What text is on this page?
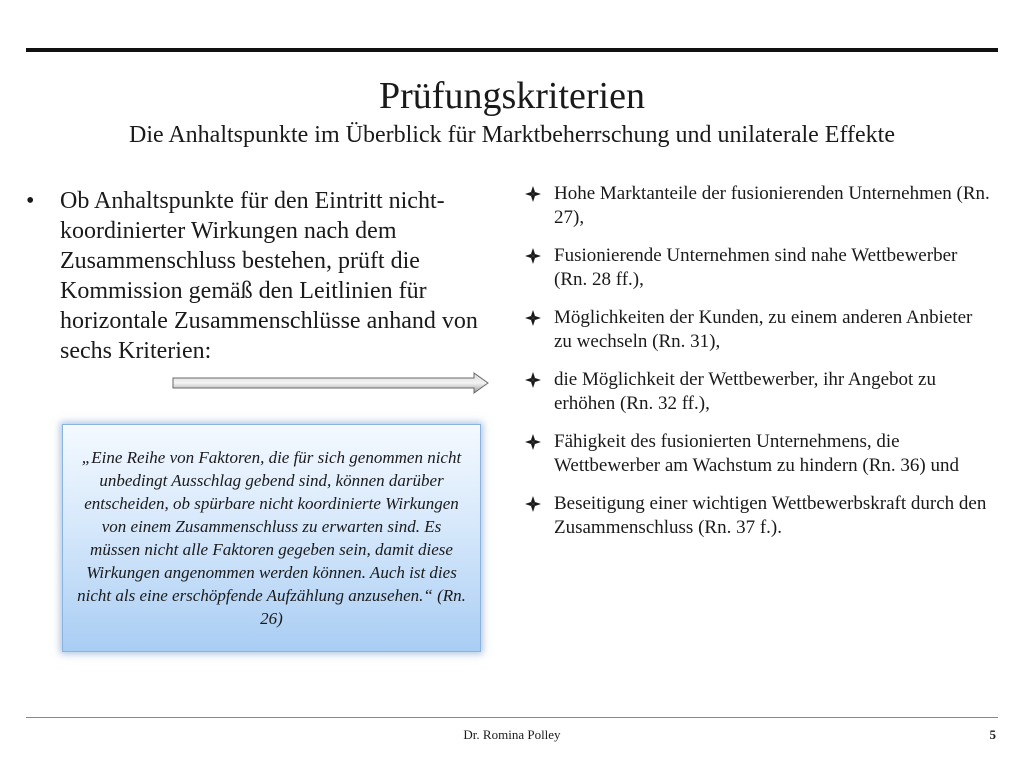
Prüfungskriterien
Die Anhaltspunkte im Überblick für Marktbeherrschung und unilaterale Effekte
•	Ob Anhaltspunkte für den Eintritt nicht-koordinierter Wirkungen nach dem Zusammenschluss bestehen, prüft die Kommission gemäß den Leitlinien für horizontale Zusammenschlüsse anhand von sechs Kriterien:
„Eine Reihe von Faktoren, die für sich genommen nicht unbedingt Ausschlag gebend sind, können darüber entscheiden, ob spürbare nicht koordinierte Wirkungen von einem Zusammenschluss zu erwarten sind. Es müssen nicht alle Faktoren gegeben sein, damit diese Wirkungen angenommen werden können. Auch ist dies nicht als eine erschöpfende Aufzählung anzusehen.“ (Rn. 26)
Hohe Marktanteile der fusionierenden Unternehmen (Rn. 27),
Fusionierende Unternehmen sind nahe Wettbewerber (Rn. 28 ff.),
Möglichkeiten der Kunden, zu einem anderen Anbieter zu wechseln (Rn. 31),
die Möglichkeit der Wettbewerber, ihr Angebot zu erhöhen (Rn. 32 ff.),
Fähigkeit des fusionierten Unternehmens, die Wettbewerber am Wachstum zu hindern (Rn. 36) und
Beseitigung einer wichtigen Wettbewerbskraft durch den Zusammenschluss (Rn. 37 f.).
Dr. Romina Polley	5
